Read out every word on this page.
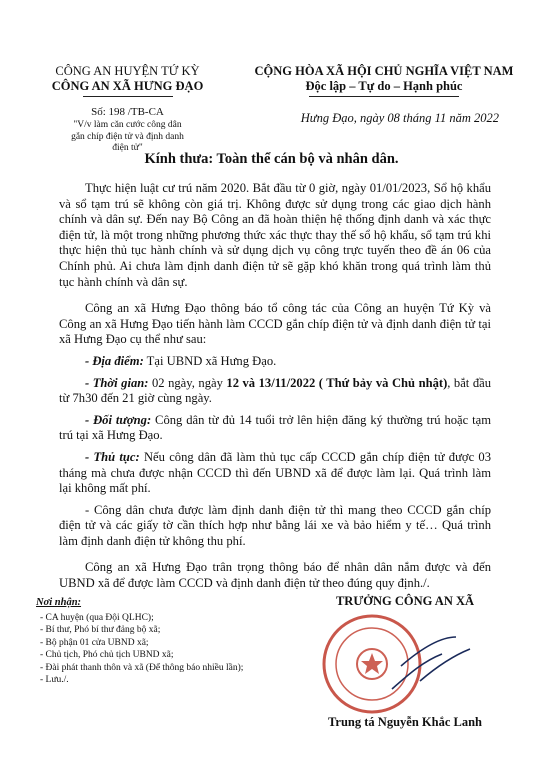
CÔNG AN HUYỆN TỨ KỲ
CÔNG AN XÃ HƯNG ĐẠO
Số: 198 /TB-CA
"V/v làm căn cước công dân gắn chíp điện tử và định danh điện tử"
CỘNG HÒA XÃ HỘI CHỦ NGHĨA VIỆT NAM
Độc lập – Tự do – Hạnh phúc
Hưng Đạo, ngày 08 tháng 11 năm 2022
Kính thưa: Toàn thể cán bộ và nhân dân.

Thực hiện luật cư trú năm 2020. Bắt đầu từ 0 giờ, ngày 01/01/2023, Sổ hộ khẩu và sổ tạm trú sẽ không còn giá trị. Không được sử dụng trong các giao dịch hành chính và dân sự. Đến nay Bộ Công an đã hoàn thiện hệ thống định danh và xác thực điện tử, là một trong những phương thức xác thực thay thế sổ hộ khẩu, sổ tạm trú khi thực hiện thủ tục hành chính và sử dụng dịch vụ công trực tuyến theo đề án 06 của Chính phủ. Ai chưa làm định danh điện tử sẽ gặp khó khăn trong quá trình làm thủ tục hành chính và dân sự.

Công an xã Hưng Đạo thông báo tổ công tác của Công an huyện Tứ Kỳ và Công an xã Hưng Đạo tiến hành làm CCCD gắn chíp điện tử và định danh điện tử tại xã Hưng Đạo cụ thể như sau:

- Địa điểm: Tại UBND xã Hưng Đạo.

- Thời gian: 02 ngày, ngày 12 và 13/11/2022 ( Thứ bảy và Chủ nhật), bắt đầu từ 7h30 đến 21 giờ cùng ngày.

- Đối tượng: Công dân từ đủ 14 tuổi trở lên hiện đăng ký thường trú hoặc tạm trú tại xã Hưng Đạo.

- Thủ tục: Nếu công dân đã làm thủ tục cấp CCCD gắn chíp điện tử được 03 tháng mà chưa được nhận CCCD thì đến UBND xã để được làm lại. Quá trình làm lại không mất phí.

- Công dân chưa được làm định danh điện tử thì mang theo CCCD gắn chíp điện tử và các giấy tờ cần thích hợp như bằng lái xe và bảo hiểm y tế… Quá trình làm định danh điện tử không thu phí.

Công an xã Hưng Đạo trân trọng thông báo để nhân dân nắm được và đến UBND xã để được làm CCCD và định danh điện tử theo đúng quy định./.

Nơi nhận:
- CA huyện (qua Đội QLHC);
- Bí thư, Phó bí thư đảng bộ xã;
- Bộ phận 01 cửa UBND xã;
- Chủ tịch, Phó chủ tịch UBND xã;
- Đài phát thanh thôn và xã (Để thông báo nhiều lần);
- Lưu./.
TRƯỞNG CÔNG AN XÃ
Trung tá Nguyễn Khắc Lanh
